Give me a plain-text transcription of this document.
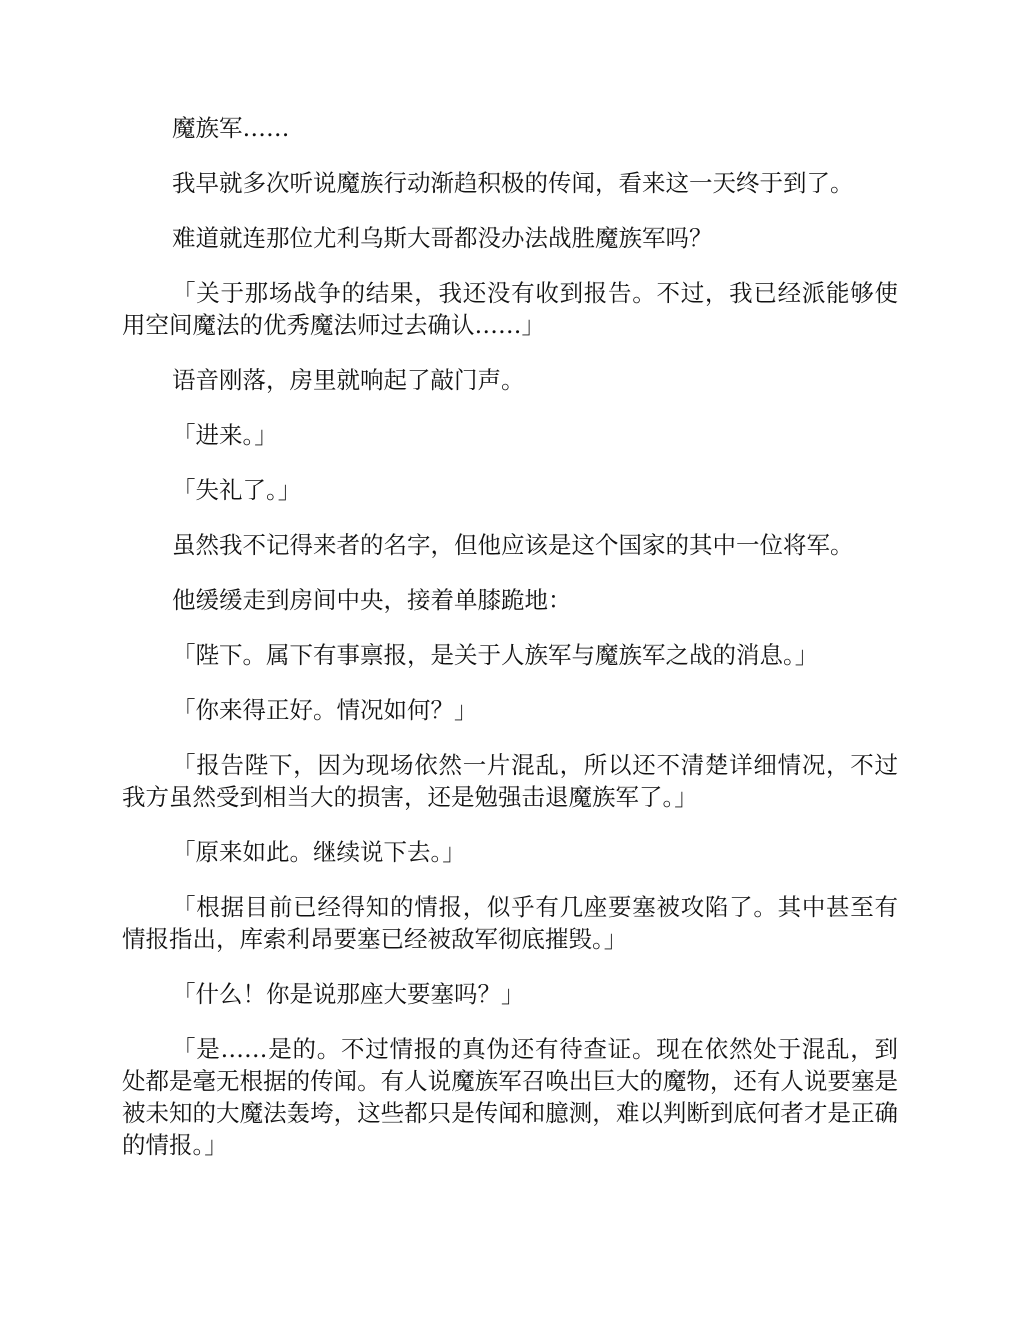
魔族军……

我早就多次听说魔族行动渐趋积极的传闻，看来这一天终于到了。

难道就连那位尤利乌斯大哥都没办法战胜魔族军吗？

「关于那场战争的结果，我还没有收到报告。不过，我已经派能够使用空间魔法的优秀魔法师过去确认……」

语音刚落，房里就响起了敲门声。

「进来。」

「失礼了。」

虽然我不记得来者的名字，但他应该是这个国家的其中一位将军。

他缓缓走到房间中央，接着单膝跪地：

「陛下。属下有事禀报，是关于人族军与魔族军之战的消息。」

「你来得正好。情况如何？」

「报告陛下，因为现场依然一片混乱，所以还不清楚详细情况，不过我方虽然受到相当大的损害，还是勉强击退魔族军了。」

「原来如此。继续说下去。」

「根据目前已经得知的情报，似乎有几座要塞被攻陷了。其中甚至有情报指出，库索利昂要塞已经被敌军彻底摧毁。」

「什么！你是说那座大要塞吗？」

「是……是的。不过情报的真伪还有待查证。现在依然处于混乱，到处都是毫无根据的传闻。有人说魔族军召唤出巨大的魔物，还有人说要塞是被未知的大魔法轰垮，这些都只是传闻和臆测，难以判断到底何者才是正确的情报。」
